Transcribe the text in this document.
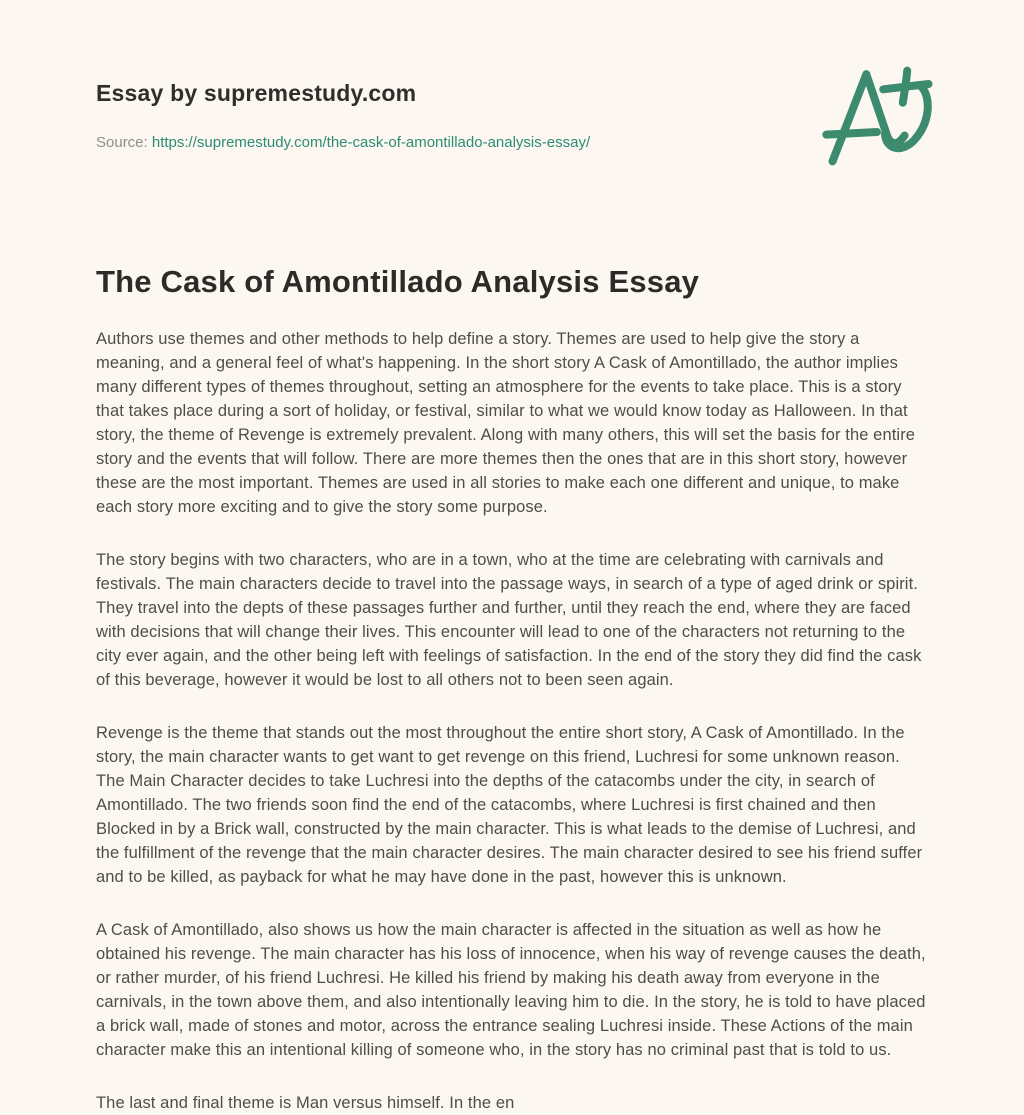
Essay by supremestudy.com
Source: https://supremestudy.com/the-cask-of-amontillado-analysis-essay/
The Cask of Amontillado Analysis Essay

Authors use themes and other methods to help define a story. Themes are used to help give the story a meaning, and a general feel of what's happening. In the short story A Cask of Amontillado, the author implies many different types of themes throughout, setting an atmosphere for the events to take place. This is a story that takes place during a sort of holiday, or festival, similar to what we would know today as Halloween. In that story, the theme of Revenge is extremely prevalent. Along with many others, this will set the basis for the entire story and the events that will follow. There are more themes then the ones that are in this short story, however these are the most important. Themes are used in all stories to make each one different and unique, to make each story more exciting and to give the story some purpose.

The story begins with two characters, who are in a town, who at the time are celebrating with carnivals and festivals. The main characters decide to travel into the passage ways, in search of a type of aged drink or spirit. They travel into the depts of these passages further and further, until they reach the end, where they are faced with decisions that will change their lives. This encounter will lead to one of the characters not returning to the city ever again, and the other being left with feelings of satisfaction. In the end of the story they did find the cask of this beverage, however it would be lost to all others not to been seen again.

Revenge is the theme that stands out the most throughout the entire short story, A Cask of Amontillado. In the story, the main character wants to get want to get revenge on this friend, Luchresi for some unknown reason. The Main Character decides to take Luchresi into the depths of the catacombs under the city, in search of Amontillado. The two friends soon find the end of the catacombs, where Luchresi is first chained and then Blocked in by a Brick wall, constructed by the main character. This is what leads to the demise of Luchresi, and the fulfillment of the revenge that the main character desires. The main character desired to see his friend suffer and to be killed, as payback for what he may have done in the past, however this is unknown.

A Cask of Amontillado, also shows us how the main character is affected in the situation as well as how he obtained his revenge. The main character has his loss of innocence, when his way of revenge causes the death, or rather murder, of his friend Luchresi. He killed his friend by making his death away from everyone in the carnivals, in the town above them, and also intentionally leaving him to die. In the story, he is told to have placed a brick wall, made of stones and motor, across the entrance sealing Luchresi inside. These Actions of the main character make this an intentional killing of someone who, in the story has no criminal past that is told to us.

The last and final theme is Man versus himself. In the en
